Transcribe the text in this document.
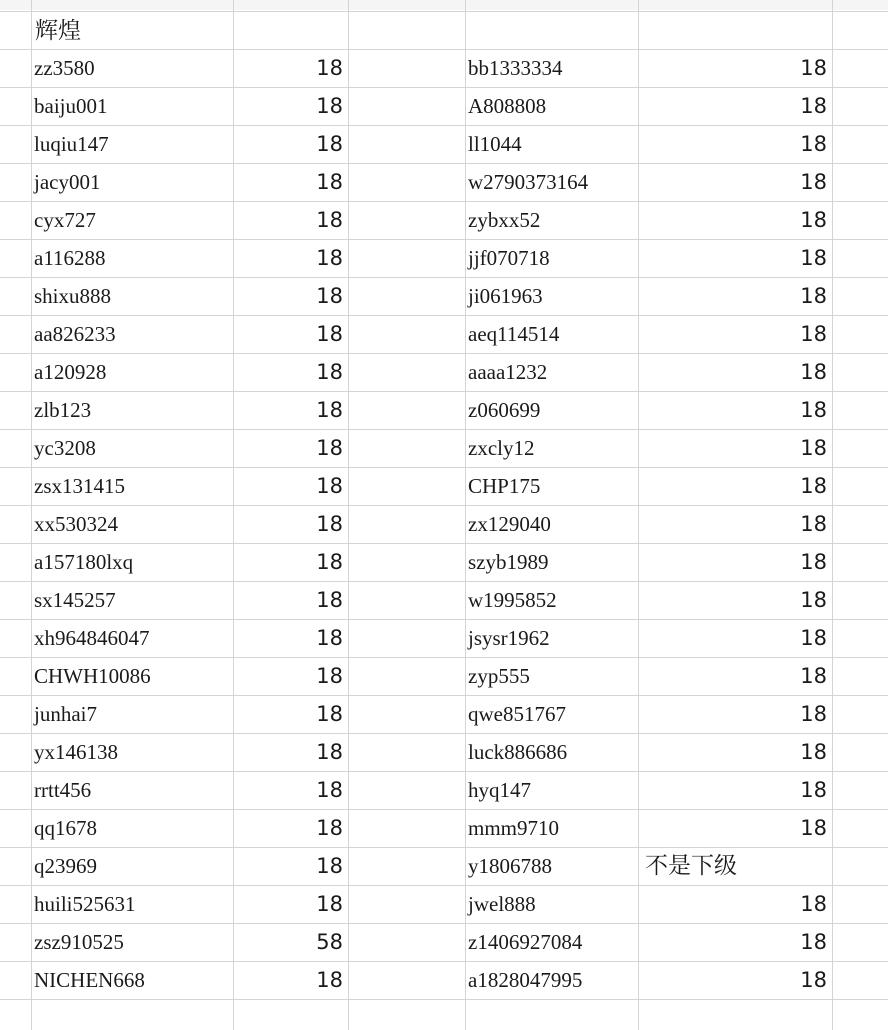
辉煌
zz3580	18	bb1333334	18
baiju001	18	A808808	18
luqiu147	18	ll1044	18
jacy001	18	w2790373164	18
cyx727	18	zybxx52	18
a116288	18	jjf070718	18
shixu888	18	ji061963	18
aa826233	18	aeq114514	18
a120928	18	aaaa1232	18
zlb123	18	z060699	18
yc3208	18	zxcly12	18
zsx131415	18	CHP175	18
xx530324	18	zx129040	18
a157180lxq	18	szyb1989	18
sx145257	18	w1995852	18
xh964846047	18	jsysr1962	18
CHWH10086	18	zyp555	18
junhai7	18	qwe851767	18
yx146138	18	luck886686	18
rrtt456	18	hyq147	18
qq1678	18	mmm9710	18
q23969	18	y1806788	不是下级
huili525631	18	jwel888	18
zsz910525	58	z1406927084	18
NICHEN668	18	a1828047995	18
